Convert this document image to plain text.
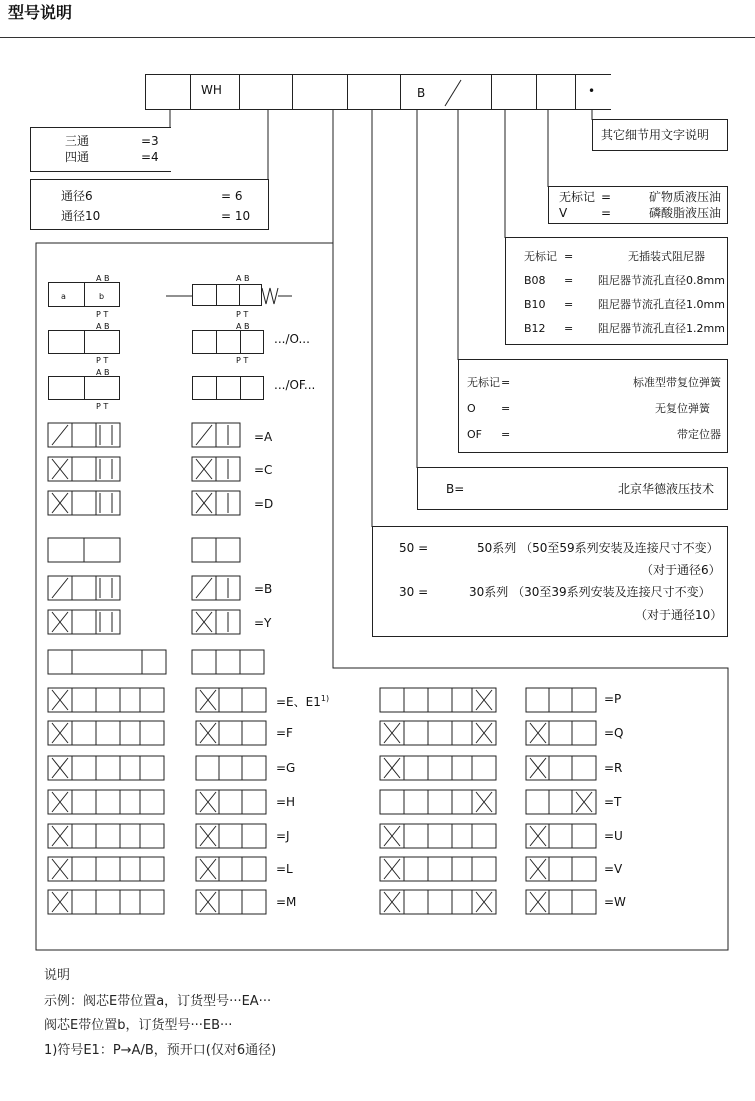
型号说明
WH	B	•
三通	=3
四通	=4
通径6	= 6
通径10	= 10
其它细节用文字说明
无标记 =	矿物质液压油
V	=	磷酸脂液压油
无标记 =	无插装式阻尼器
B08 = 阻尼器节流孔直径0.8mm
B10 = 阻尼器节流孔直径1.0mm
B12 = 阻尼器节流孔直径1.2mm
无标记 =	标准型带复位弹簧
O =	无复位弹簧
OF =	带定位器
B=	北京华德液压技术
50 =	50系列 （50至59系列安装及连接尺寸不变）
（对于通径6）
30 =	30系列 （30至39系列安装及连接尺寸不变）
（对于通径10）
A B
P T
a	b
A B
P T
A B
P T
A B
P T
.../O...
A B
P T
.../OF...
=A
=C
=D
=B
=Y
=E、$E1^{1)}$
=F
=G
=H
=J
=L
=M
=P
=Q
=R
=T
=U
=V
=W
说明
示例：阀芯E带位置a，订货型号···EA···
阀芯E带位置b，订货型号···EB···
1)符号E1：P→A/B，预开口(仅对6通径)
